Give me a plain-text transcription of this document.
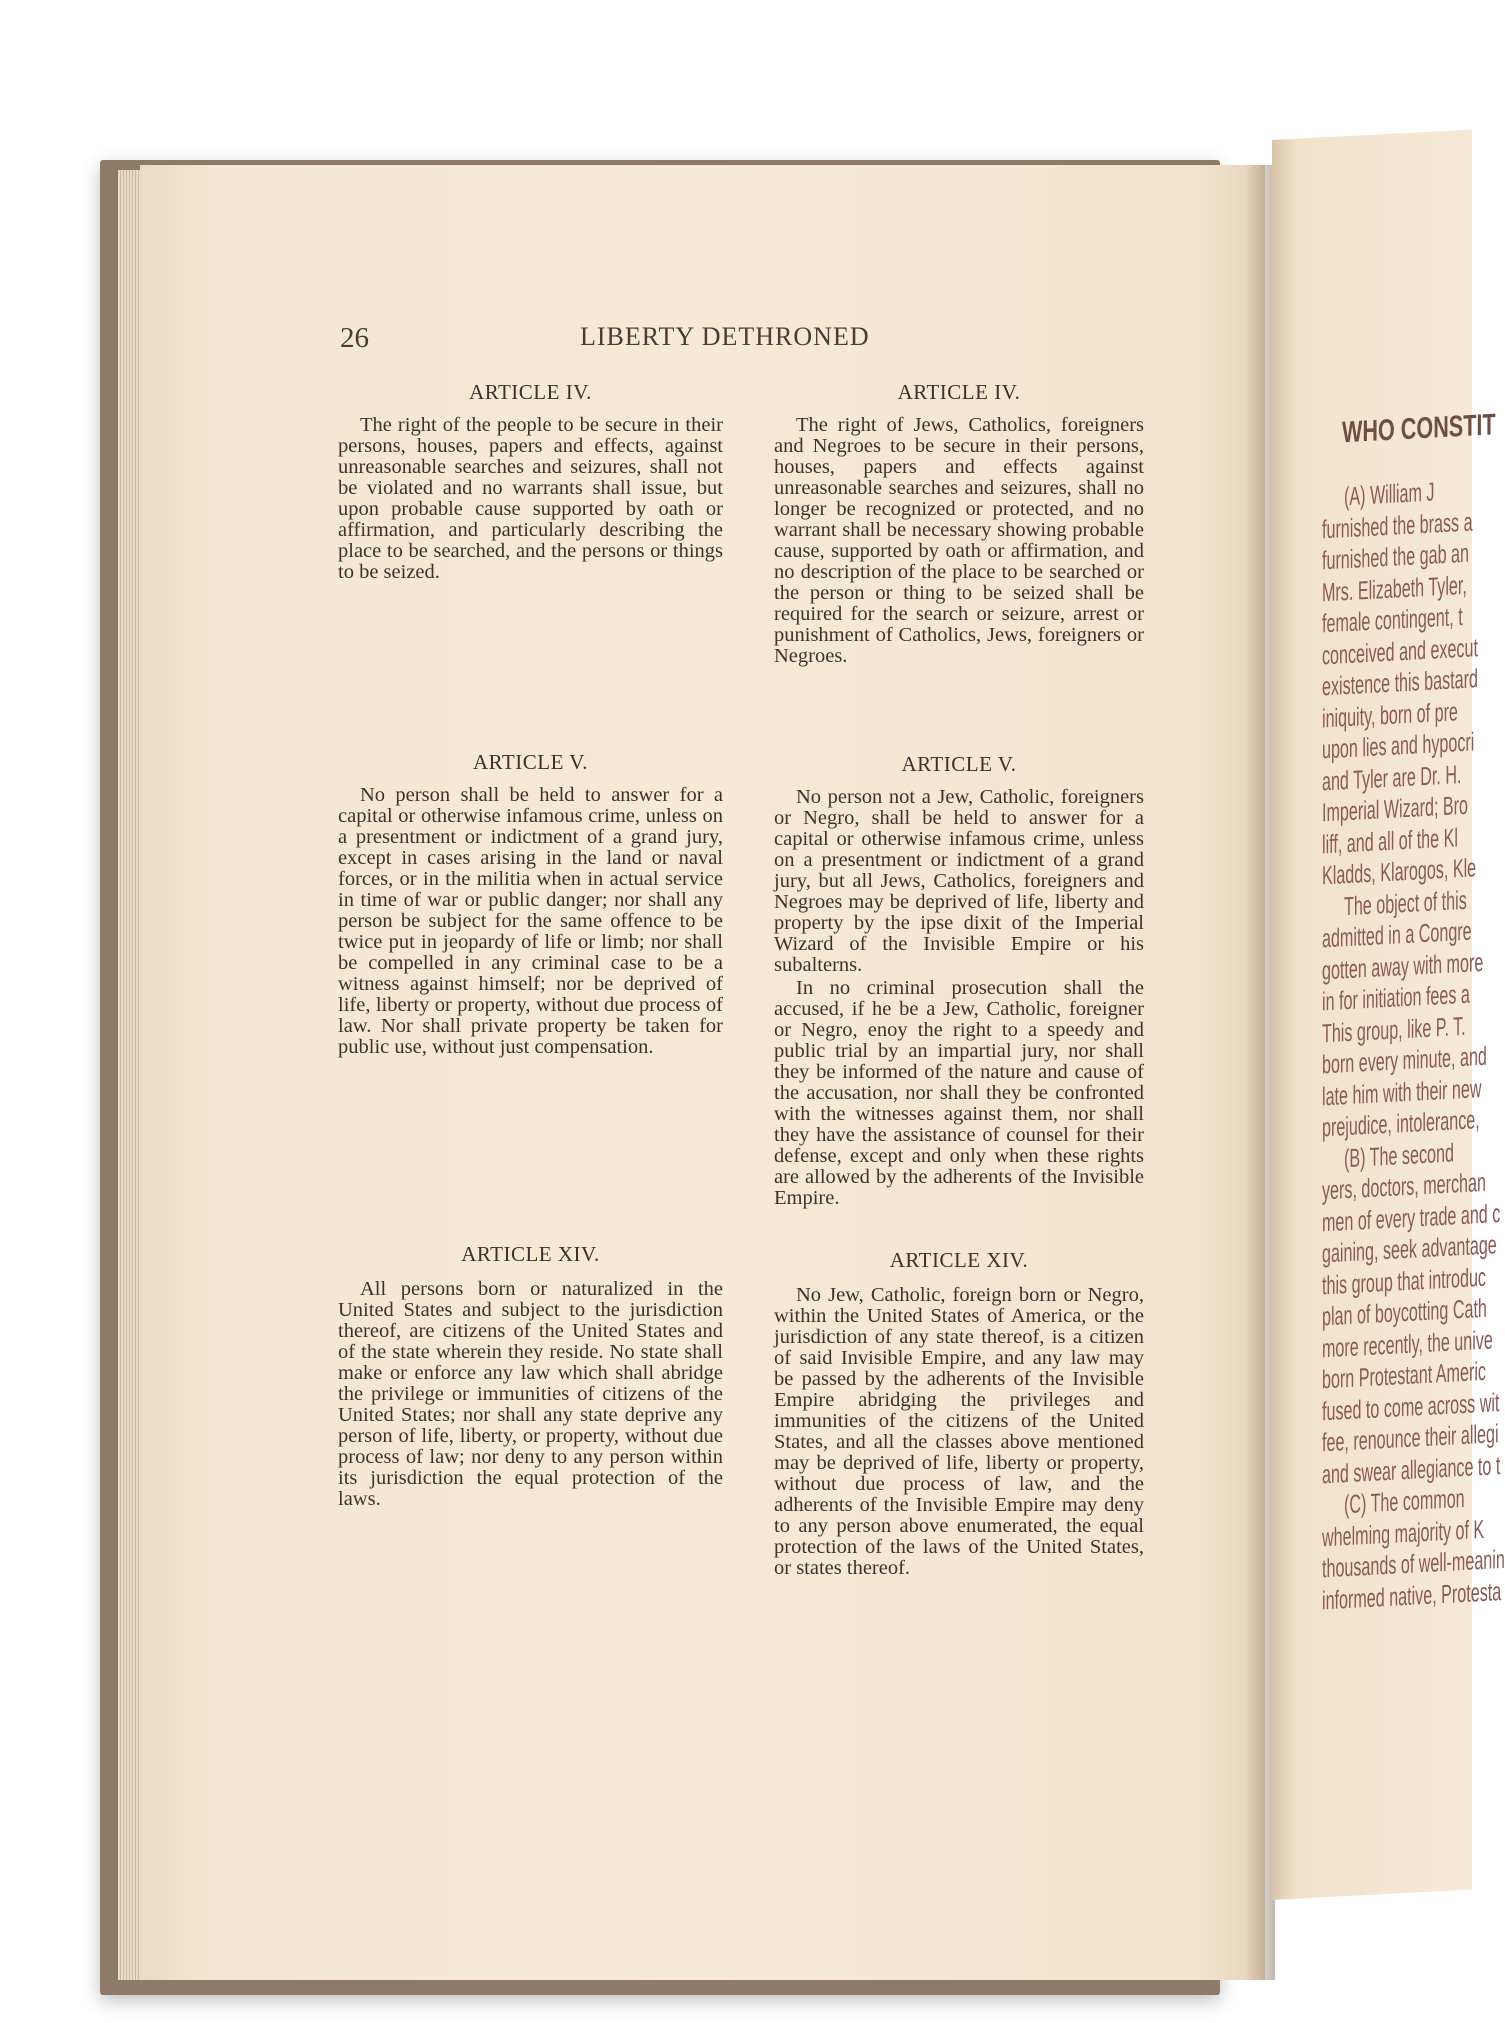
WHO CONSTIT
(A) William J
furnished the brass a
furnished the gab an
Mrs. Elizabeth Tyler,
female contingent, t
conceived and execut
existence this bastard
iniquity, born of pre
upon lies and hypocri
and Tyler are Dr. H.
Imperial Wizard; Bro
liff, and all of the Kl
Kladds, Klarogos, Kle
The object of this
admitted in a Congre
gotten away with more
in for initiation fees a
This group, like P. T.
born every minute, and
late him with their new
prejudice, intolerance,
(B) The second
yers, doctors, merchan
men of every trade and c
gaining, seek advantage
this group that introduc
plan of boycotting Cath
more recently, the unive
born Protestant Americ
fused to come across wit
fee, renounce their allegi
and swear allegiance to t
(C) The common
whelming majority of K
thousands of well-meanin
informed native, Protesta
26	LIBERTY DETHRONED
ARTICLE IV.

The right of the people to be secure in their persons, houses, papers and effects, against unreasonable searches and seizures, shall not be violated and no warrants shall issue, but upon probable cause supported by oath or affirmation, and particularly describing the place to be searched, and the persons or things to be seized.

ARTICLE V.

No person shall be held to answer for a capital or otherwise infamous crime, unless on a presentment or indictment of a grand jury, except in cases arising in the land or naval forces, or in the militia when in actual service in time of war or public danger; nor shall any person be subject for the same offence to be twice put in jeopardy of life or limb; nor shall be compelled in any criminal case to be a witness against himself; nor be deprived of life, liberty or property, without due process of law. Nor shall private property be taken for public use, without just compensation.

ARTICLE XIV.

All persons born or naturalized in the United States and subject to the jurisdiction thereof, are citizens of the United States and of the state wherein they reside. No state shall make or enforce any law which shall abridge the privilege or immunities of citizens of the United States; nor shall any state deprive any person of life, liberty, or property, without due process of law; nor deny to any person within its jurisdiction the equal protection of the laws.

ARTICLE IV.

The right of Jews, Catholics, foreigners and Negroes to be secure in their persons, houses, papers and effects against unreasonable searches and seizures, shall no longer be recognized or protected, and no warrant shall be necessary showing probable cause, supported by oath or affirmation, and no description of the place to be searched or the person or thing to be seized shall be required for the search or seizure, arrest or punishment of Catholics, Jews, foreigners or Negroes.

ARTICLE V.

No person not a Jew, Catholic, foreigners or Negro, shall be held to answer for a capital or otherwise infamous crime, unless on a presentment or indictment of a grand jury, but all Jews, Catholics, foreigners and Negroes may be deprived of life, liberty and property by the ipse dixit of the Imperial Wizard of the Invisible Empire or his subalterns.

In no criminal prosecution shall the accused, if he be a Jew, Catholic, foreigner or Negro, enoy the right to a speedy and public trial by an impartial jury, nor shall they be informed of the nature and cause of the accusation, nor shall they be confronted with the witnesses against them, nor shall they have the assistance of counsel for their defense, except and only when these rights are allowed by the adherents of the Invisible Empire.

ARTICLE XIV.

No Jew, Catholic, foreign born or Negro, within the United States of America, or the jurisdiction of any state thereof, is a citizen of said Invisible Empire, and any law may be passed by the adherents of the Invisible Empire abridging the privileges and immunities of the citizens of the United States, and all the classes above mentioned may be deprived of life, liberty or property, without due process of law, and the adherents of the Invisible Empire may deny to any person above enumerated, the equal protection of the laws of the United States, or states thereof.
